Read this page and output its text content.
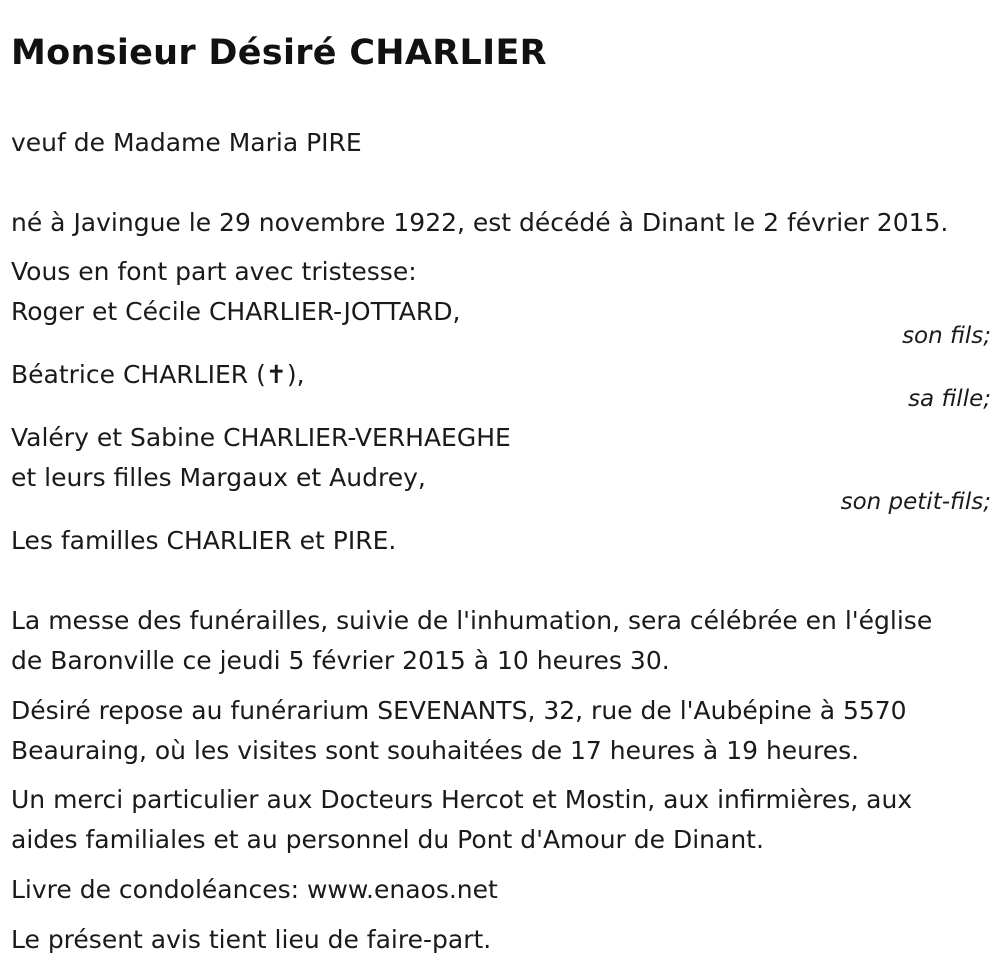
Monsieur Désiré CHARLIER

veuf de Madame Maria PIRE

né à Javingue le 29 novembre 1922, est décédé à Dinant le 2 février 2015.

Vous en font part avec tristesse:

Roger et Cécile CHARLIER-JOTTARD,

son fils;

Béatrice CHARLIER (✝),

sa fille;

Valéry et Sabine CHARLIER-VERHAEGHE

et leurs filles Margaux et Audrey,

son petit-fils;

Les familles CHARLIER et PIRE.

La messe des funérailles, suivie de l'inhumation, sera célébrée en l'église

de Baronville ce jeudi 5 février 2015 à 10 heures 30.

Désiré repose au funérarium SEVENANTS, 32, rue de l'Aubépine à 5570

Beauraing, où les visites sont souhaitées de 17 heures à 19 heures.

Un merci particulier aux Docteurs Hercot et Mostin, aux infirmières, aux

aides familiales et au personnel du Pont d'Amour de Dinant.

Livre de condoléances: www.enaos.net

Le présent avis tient lieu de faire-part.
